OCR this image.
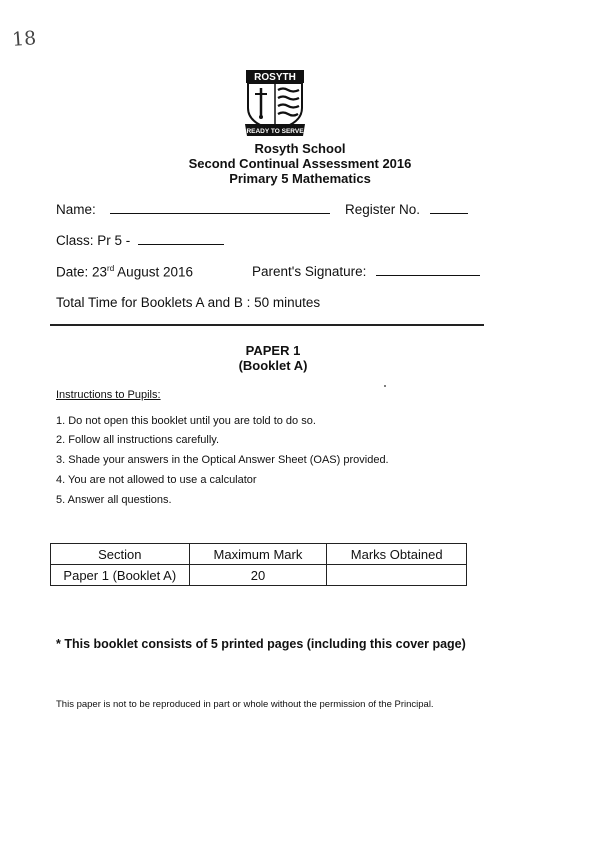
18
ROSYTH
READY TO SERVE
Rosyth School
Second Continual Assessment 2016
Primary 5 Mathematics
Name:	Register No.
Class: Pr 5 -
Date: 23rd August 2016	Parent's Signature:
Total Time for Booklets A and B : 50 minutes
PAPER 1
(Booklet A)
Instructions to Pupils:
1. Do not open this booklet until you are told to do so.
2. Follow all instructions carefully.
3. Shade your answers in the Optical Answer Sheet (OAS) provided.
4. You are not allowed to use a calculator
5. Answer all questions.
Section	Maximum Mark	Marks Obtained
Paper 1 (Booklet A)	20	
* This booklet consists of 5 printed pages (including this cover page)
This paper is not to be reproduced in part or whole without the permission of the Principal.
